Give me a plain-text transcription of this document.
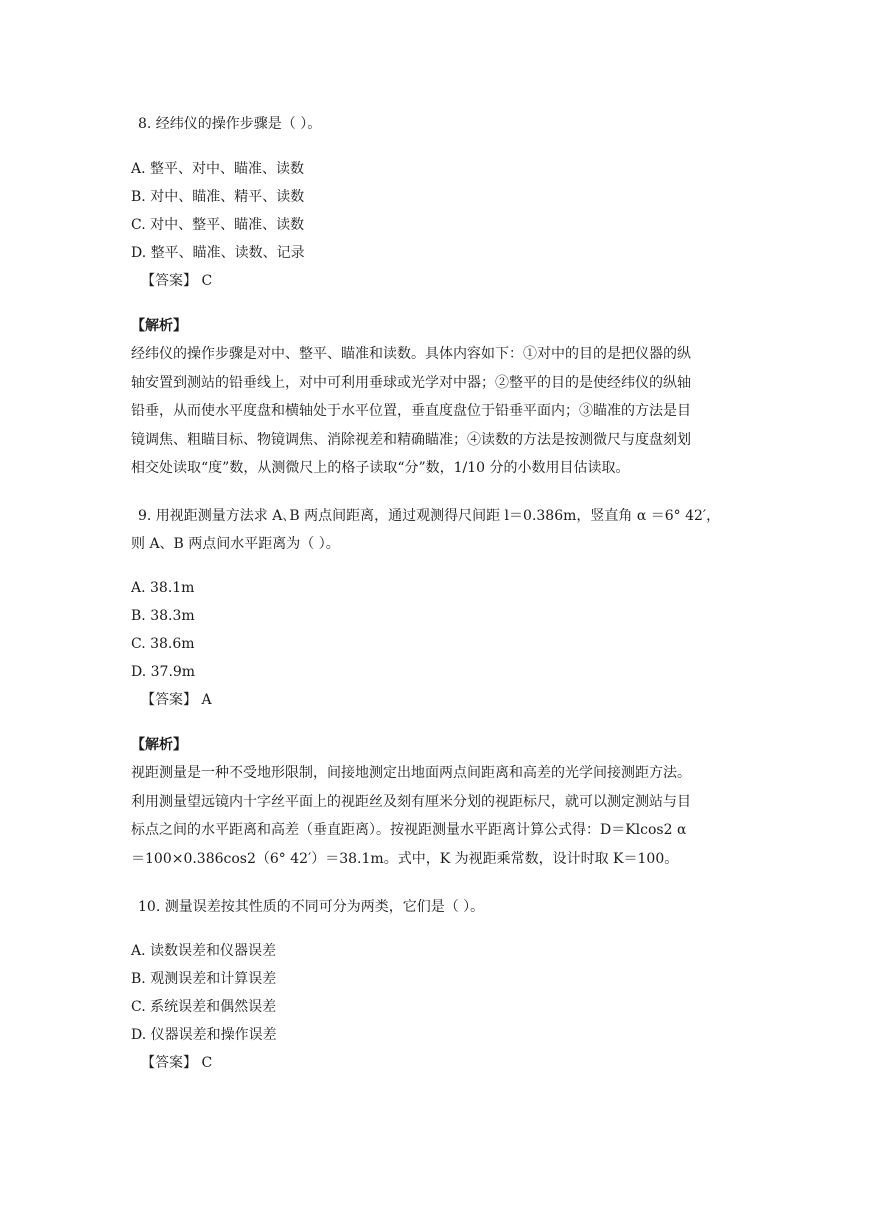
8. 经纬仪的操作步骤是（ ）。
A. 整平、对中、瞄准、读数
B. 对中、瞄准、精平、读数
C. 对中、整平、瞄准、读数
D. 整平、瞄准、读数、记录
【答案】 C
【解析】
经纬仪的操作步骤是对中、整平、瞄准和读数。具体内容如下：①对中的目的是把仪器的纵
轴安置到测站的铅垂线上，对中可利用垂球或光学对中器；②整平的目的是使经纬仪的纵轴
铅垂，从而使水平度盘和横轴处于水平位置，垂直度盘位于铅垂平面内；③瞄准的方法是目
镜调焦、粗瞄目标、物镜调焦、消除视差和精确瞄准；④读数的方法是按测微尺与度盘刻划
相交处读取“度”数，从测微尺上的格子读取“分”数，1/10 分的小数用目估读取。
9. 用视距测量方法求 A､B 两点间距离，通过观测得尺间距 l＝0.386m，竖直角 α ＝6° 42′，
则 A、B 两点间水平距离为（ ）。
A. 38.1m
B. 38.3m
C. 38.6m
D. 37.9m
【答案】 A
【解析】
视距测量是一种不受地形限制，间接地测定出地面两点间距离和高差的光学间接测距方法。
利用测量望远镜内十字丝平面上的视距丝及刻有厘米分划的视距标尺，就可以测定测站与目
标点之间的水平距离和高差（垂直距离）。按视距测量水平距离计算公式得：D＝Klcos2 α
＝100×0.386cos2（6° 42′）＝38.1m。式中，K 为视距乘常数，设计时取 K＝100。
10. 测量误差按其性质的不同可分为两类，它们是（ ）。
A. 读数误差和仪器误差
B. 观测误差和计算误差
C. 系统误差和偶然误差
D. 仪器误差和操作误差
【答案】 C
